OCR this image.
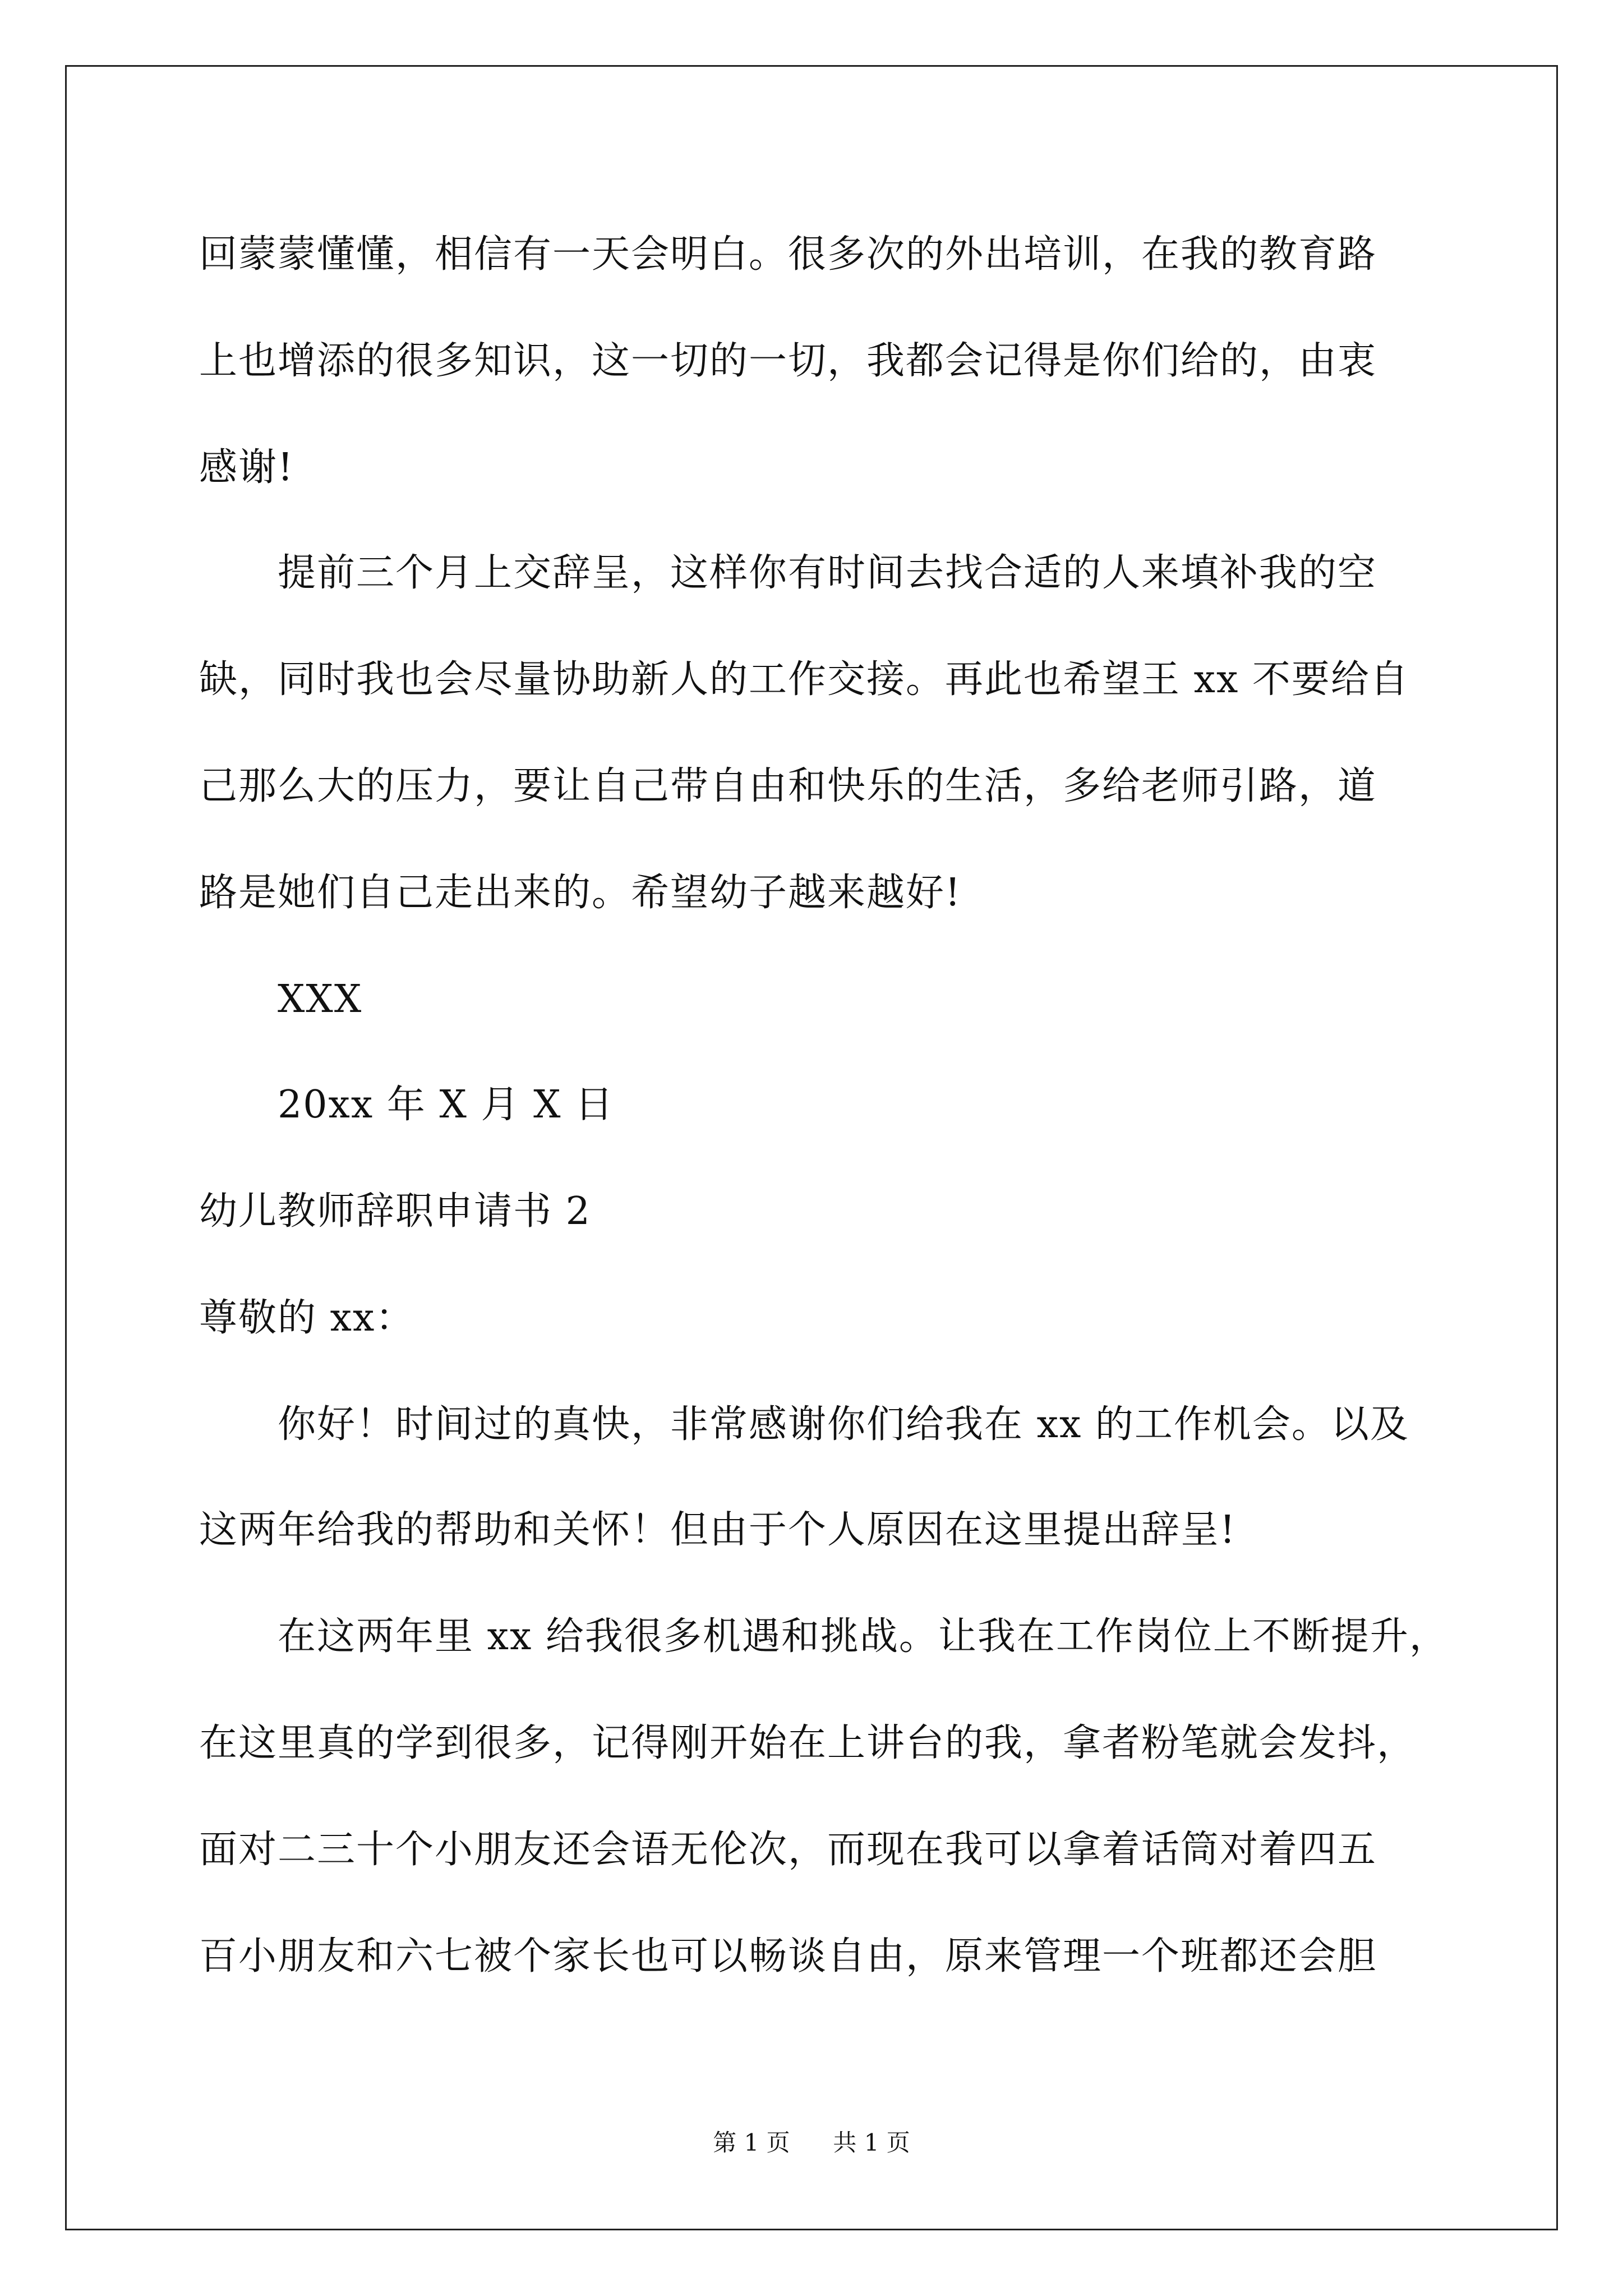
回蒙蒙懂懂，相信有一天会明白。很多次的外出培训，在我的教育路
上也增添的很多知识，这一切的一切，我都会记得是你们给的，由衷
感谢!
提前三个月上交辞呈，这样你有时间去找合适的人来填补我的空
缺，同时我也会尽量协助新人的工作交接。再此也希望王 xx 不要给自
己那么大的压力，要让自己带自由和快乐的生活，多给老师引路，道
路是她们自己走出来的。希望幼子越来越好!
XXX
20xx 年 X 月 X 日
幼儿教师辞职申请书 2
尊敬的 xx：
你好！时间过的真快，非常感谢你们给我在 xx 的工作机会。以及
这两年给我的帮助和关怀！但由于个人原因在这里提出辞呈!
在这两年里 xx 给我很多机遇和挑战。让我在工作岗位上不断提升，
在这里真的学到很多，记得刚开始在上讲台的我，拿者粉笔就会发抖，
面对二三十个小朋友还会语无伦次，而现在我可以拿着话筒对着四五
百小朋友和六七被个家长也可以畅谈自由，原来管理一个班都还会胆
第 1 页 共 1 页
